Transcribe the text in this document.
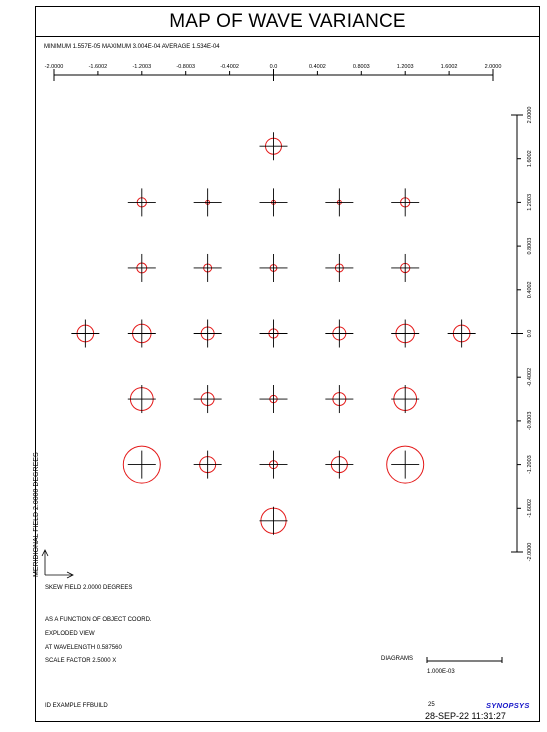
MAP OF WAVE VARIANCE
MINIMUM 1.557E-05 MAXIMUM 3.004E-04 AVERAGE 1.534E-04
-2.0000	-1.6002	-1.2003	-0.8003	-0.4002	0.0	0.4002	0.8003	1.2003	1.6002	2.0000
2.0000
1.6002
1.2003
0.8003
0.4002
0.0
-0.4002
-0.8003
-1.2003
-1.6002
-2.0000
MERIDIONAL FIELD 2.0000 DEGREES
SKEW FIELD 2.0000 DEGREES
AS A FUNCTION OF OBJECT COORD.
EXPLODED VIEW
AT WAVELENGTH 0.587560
SCALE FACTOR 2.5000 X	DIAGRAMS
1.000E-03
ID EXAMPLE FFBUILD	25	SYNOPSYS
28-SEP-22 11:31:27
